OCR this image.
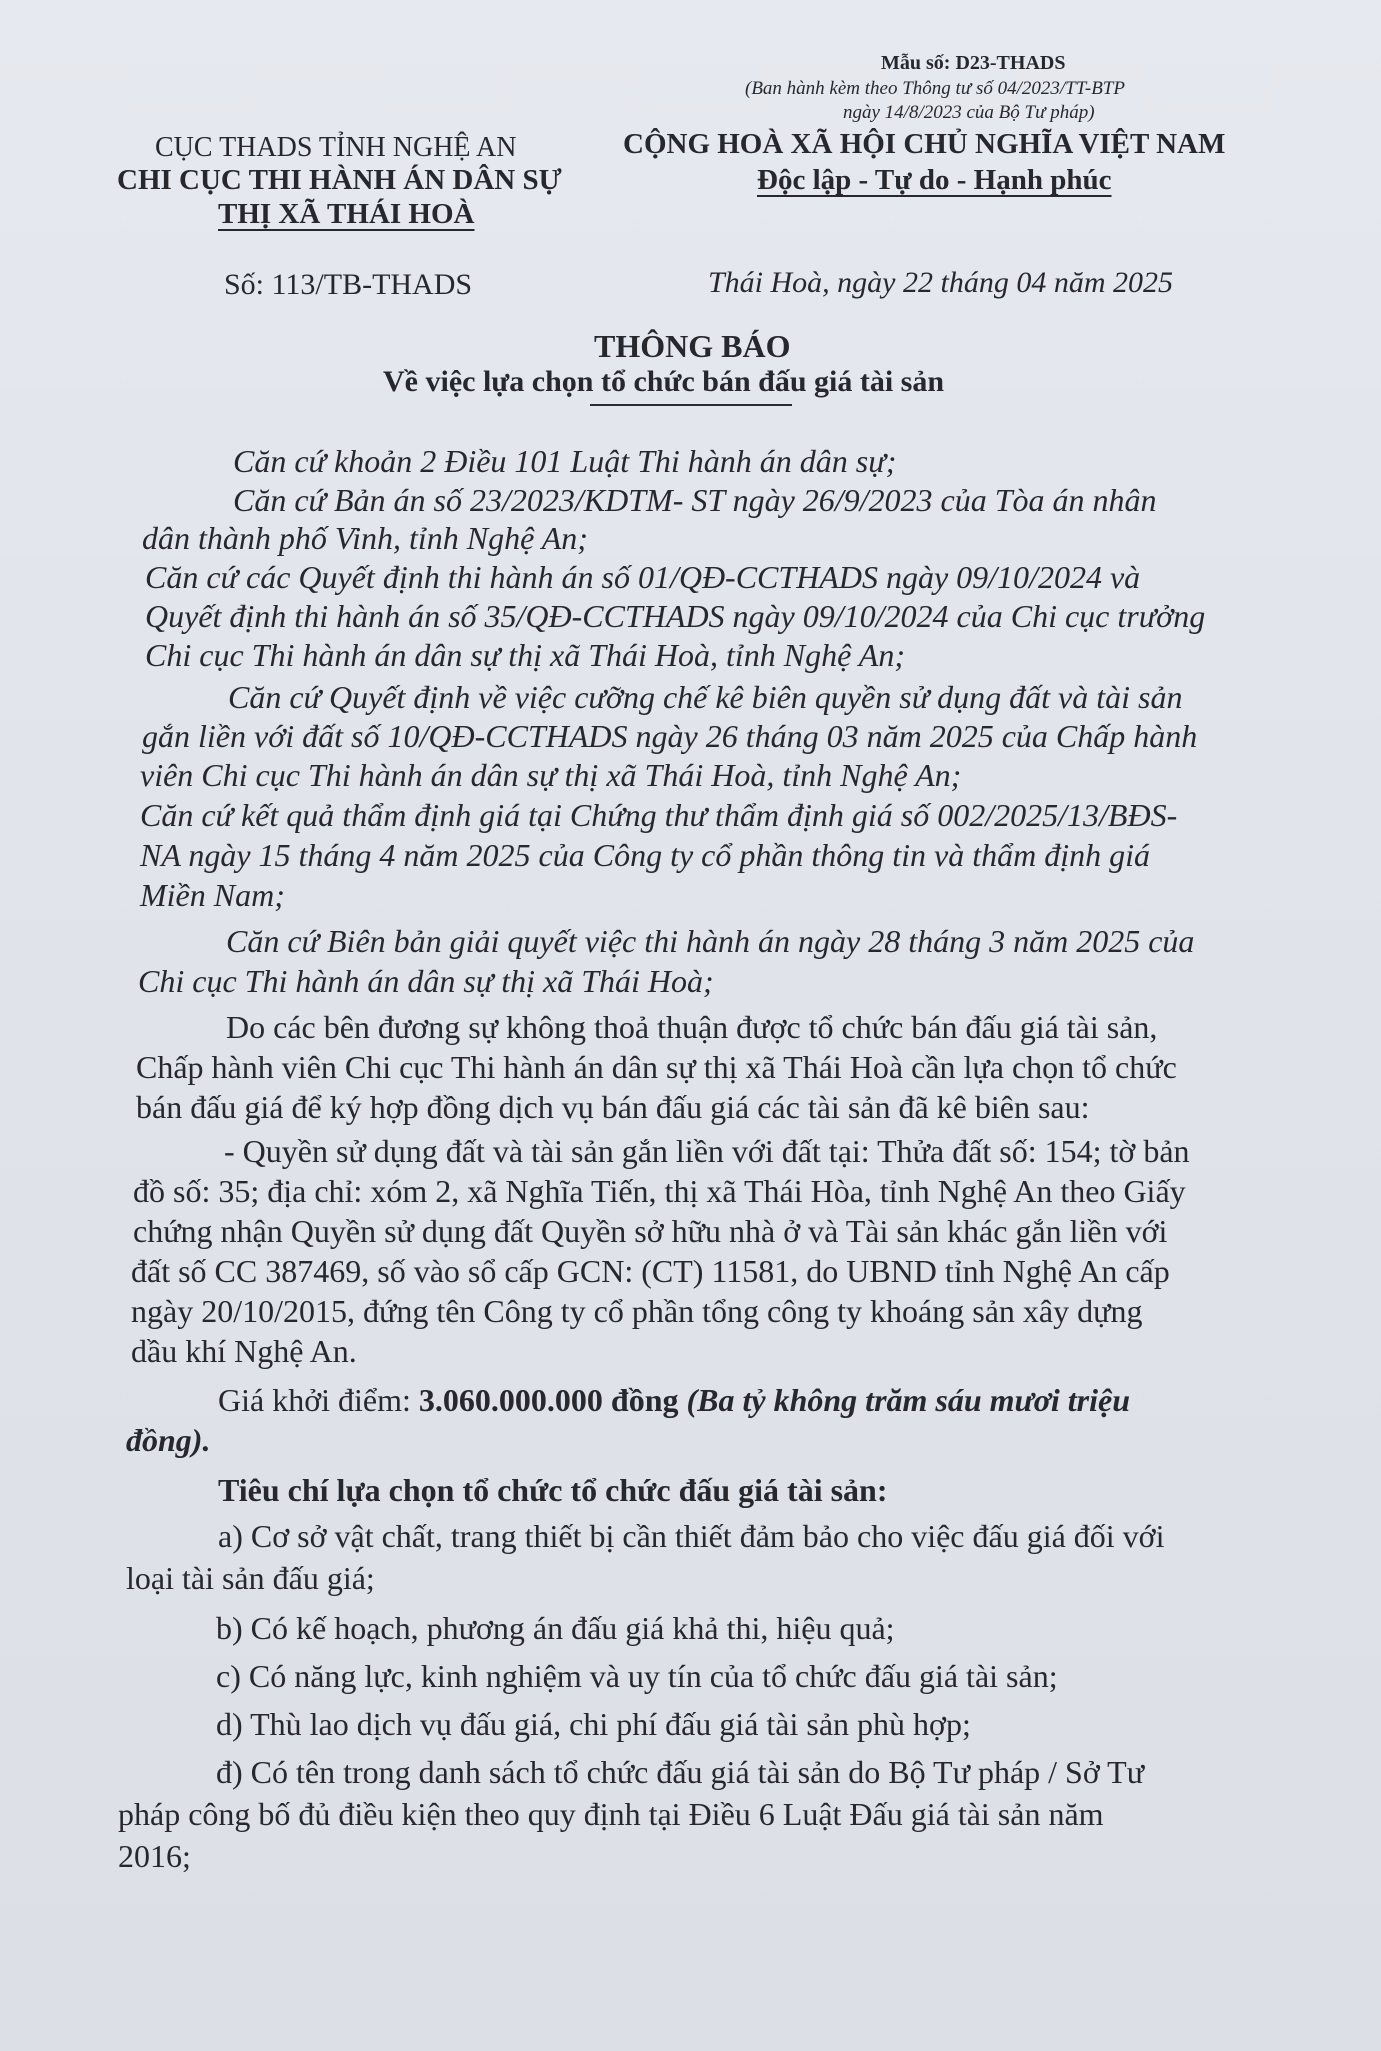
Mẫu số: D23-THADS

(Ban hành kèm theo Thông tư số 04/2023/TT-BTP

ngày 14/8/2023 của Bộ Tư pháp)

CỤC THADS TỈNH NGHỆ AN

CHI CỤC THI HÀNH ÁN DÂN SỰ

THỊ XÃ THÁI HOÀ

CỘNG HOÀ XÃ HỘI CHỦ NGHĨA VIỆT NAM

Độc lập - Tự do - Hạnh phúc

Số: 113/TB-THADS	Thái Hoà, ngày 22 tháng 04 năm 2025

THÔNG BÁO

Về việc lựa chọn tổ chức bán đấu giá tài sản

Căn cứ khoản 2 Điều 101 Luật Thi hành án dân sự;

Căn cứ Bản án số 23/2023/KDTM- ST ngày 26/9/2023 của Tòa án nhân

dân thành phố Vinh, tỉnh Nghệ An;

Căn cứ các Quyết định thi hành án số 01/QĐ-CCTHADS ngày 09/10/2024 và

Quyết định thi hành án số 35/QĐ-CCTHADS ngày 09/10/2024 của Chi cục trưởng

Chi cục Thi hành án dân sự thị xã Thái Hoà, tỉnh Nghệ An;

Căn cứ Quyết định về việc cưỡng chế kê biên quyền sử dụng đất và tài sản

gắn liền với đất số 10/QĐ-CCTHADS ngày 26 tháng 03 năm 2025 của Chấp hành

viên Chi cục Thi hành án dân sự thị xã Thái Hoà, tỉnh Nghệ An;

Căn cứ kết quả thẩm định giá tại Chứng thư thẩm định giá số 002/2025/13/BĐS-

NA ngày 15 tháng 4 năm 2025 của Công ty cổ phần thông tin và thẩm định giá

Miền Nam;

Căn cứ Biên bản giải quyết việc thi hành án ngày 28 tháng 3 năm 2025 của

Chi cục Thi hành án dân sự thị xã Thái Hoà;

Do các bên đương sự không thoả thuận được tổ chức bán đấu giá tài sản,

Chấp hành viên Chi cục Thi hành án dân sự thị xã Thái Hoà cần lựa chọn tổ chức

bán đấu giá để ký hợp đồng dịch vụ bán đấu giá các tài sản đã kê biên sau:

- Quyền sử dụng đất và tài sản gắn liền với đất tại: Thửa đất số: 154; tờ bản

đồ số: 35; địa chỉ: xóm 2, xã Nghĩa Tiến, thị xã Thái Hòa, tỉnh Nghệ An theo Giấy

chứng nhận Quyền sử dụng đất Quyền sở hữu nhà ở và Tài sản khác gắn liền với

đất số CC 387469, số vào sổ cấp GCN: (CT) 11581, do UBND tỉnh Nghệ An cấp

ngày 20/10/2015, đứng tên Công ty cổ phần tổng công ty khoáng sản xây dựng

dầu khí Nghệ An.

Giá khởi điểm: 3.060.000.000 đồng (Ba tỷ không trăm sáu mươi triệu

đồng).

Tiêu chí lựa chọn tổ chức tổ chức đấu giá tài sản:

a) Cơ sở vật chất, trang thiết bị cần thiết đảm bảo cho việc đấu giá đối với

loại tài sản đấu giá;

b) Có kế hoạch, phương án đấu giá khả thi, hiệu quả;

c) Có năng lực, kinh nghiệm và uy tín của tổ chức đấu giá tài sản;

d) Thù lao dịch vụ đấu giá, chi phí đấu giá tài sản phù hợp;

đ) Có tên trong danh sách tổ chức đấu giá tài sản do Bộ Tư pháp / Sở Tư

pháp công bố đủ điều kiện theo quy định tại Điều 6 Luật Đấu giá tài sản năm

2016;
